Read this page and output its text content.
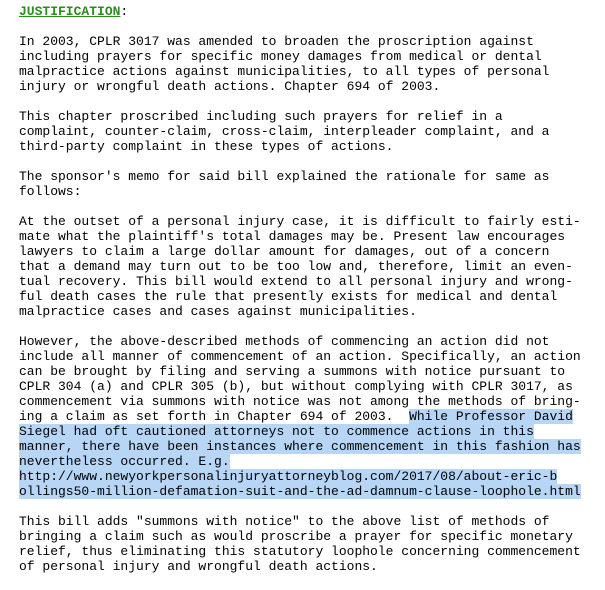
JUSTIFICATION:
In 2003, CPLR 3017 was amended to broaden the proscription against
including prayers for specific money damages from medical or dental
malpractice actions against municipalities, to all types of personal
injury or wrongful death actions. Chapter 694 of 2003.
This chapter proscribed including such prayers for relief in a
complaint, counter-claim, cross-claim, interpleader complaint, and a
third-party complaint in these types of actions.
The sponsor's memo for said bill explained the rationale for same as
follows:
At the outset of a personal injury case, it is difficult to fairly esti-
mate what the plaintiff's total damages may be. Present law encourages
lawyers to claim a large dollar amount for damages, out of a concern
that a demand may turn out to be too low and, therefore, limit an even-
tual recovery. This bill would extend to all personal injury and wrong-
ful death cases the rule that presently exists for medical and dental
malpractice cases and cases against municipalities.
However, the above-described methods of commencing an action did not
include all manner of commencement of an action. Specifically, an action
can be brought by filing and serving a summons with notice pursuant to
CPLR 304 (a) and CPLR 305 (b), but without complying with CPLR 3017, as
commencement via summons with notice was not among the methods of bring-
ing a claim as set forth in Chapter 694 of 2003.  While Professor David
Siegel had oft cautioned attorneys not to commence actions in this
manner, there have been instances where commencement in this fashion has
nevertheless occurred. E.g.
http://www.newyorkpersonalinjuryattorneyblog.com/2017/08/about-eric-b
ollings50-million-defamation-suit-and-the-ad-damnum-clause-loophole.html
This bill adds "summons with notice" to the above list of methods of
bringing a claim such as would proscribe a prayer for specific monetary
relief, thus eliminating this statutory loophole concerning commencement
of personal injury and wrongful death actions.
